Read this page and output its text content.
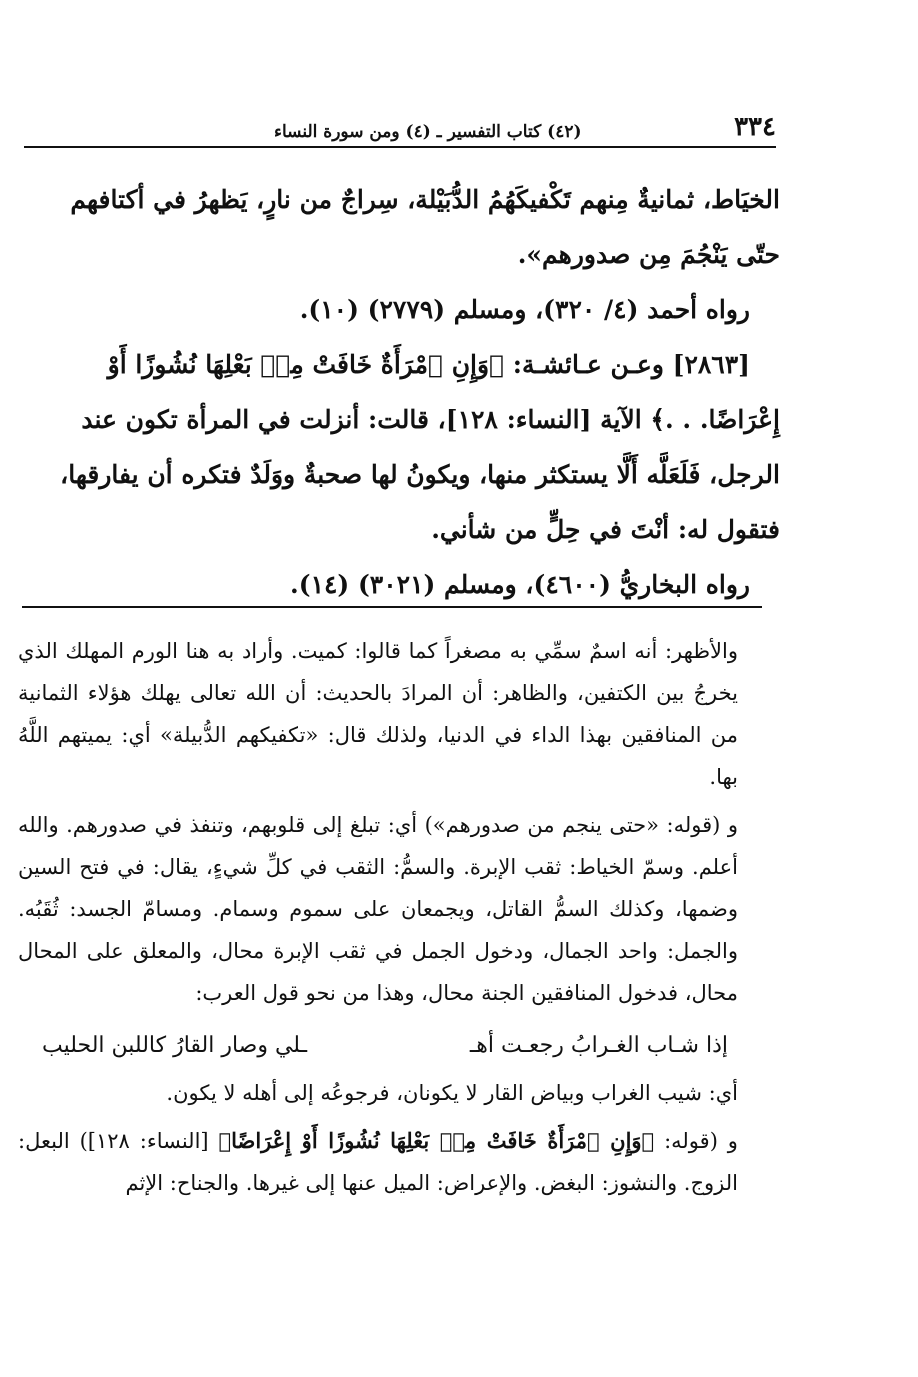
٣٣٤
(٤٢) كتاب التفسير ـ (٤) ومن سورة النساء

الخيَاط، ثمانيةٌ مِنهم تَكْفيكَهُمُ الدُّبَيْلة، سِراجٌ من نارٍ، يَظهرُ في أكتافهم

حتّى يَنْجُمَ مِن صدورهم».

رواه أحمد (٤/ ٣٢٠)، ومسلم (٢٧٧٩) (١٠).

[٢٨٦٣] وعـن عـائشـة: ﴿وَإِنِ ٱمْرَأَةٌ خَافَتْ مِنۢ بَعْلِهَا نُشُوزًا أَوْ

إِعْرَاضًا. . .﴾ الآية [النساء: ١٢٨]، قالت: أنزلت في المرأة تكون عند

الرجل، فَلَعَلَّه أَلَّا يستكثر منها، ويكونُ لها صحبةٌ ووَلَدٌ فتكره أن يفارقها،

فتقول له: أنْتَ في حِلٍّ من شأني.

رواه البخاريُّ (٤٦٠٠)، ومسلم (٣٠٢١) (١٤).

والأظهر: أنه اسمٌ سمِّي به مصغراً كما قالوا: كميت. وأراد به هنا الورم المهلك الذي يخرجُ بين الكتفين، والظاهر: أن المرادَ بالحديث: أن الله تعالى يهلك هؤلاء الثمانية من المنافقين بهذا الداء في الدنيا، ولذلك قال: «تكفيكهم الدُّبيلة» أي: يميتهم اللَّهُ بها.

و (قوله: «حتى ينجم من صدورهم») أي: تبلغ إلى قلوبهم، وتنفذ في صدورهم. والله أعلم. وسمّ الخياط: ثقب الإبرة. والسمُّ: الثقب في كلِّ شيءٍ، يقال: في فتح السين وضمها، وكذلك السمُّ القاتل، ويجمعان على سموم وسمام. ومسامّ الجسد: ثُقَبُه. والجمل: واحد الجمال، ودخول الجمل في ثقب الإبرة محال، والمعلق على المحال محال، فدخول المنافقين الجنة محال، وهذا من نحو قول العرب:

إذا شـاب الغـرابُ رجعـت أهـ
ـلي وصار القارُ كاللبن الحليب

أي: شيب الغراب وبياض القار لا يكونان، فرجوعُه إلى أهله لا يكون.

و (قوله: ﴿وَإِنِ ٱمْرَأَةٌ خَافَتْ مِنۢ بَعْلِهَا نُشُوزًا أَوْ إِعْرَاضًا﴾ [النساء: ١٢٨]) البعل: الزوج. والنشوز: البغض. والإعراض: الميل عنها إلى غيرها. والجناح: الإثم
